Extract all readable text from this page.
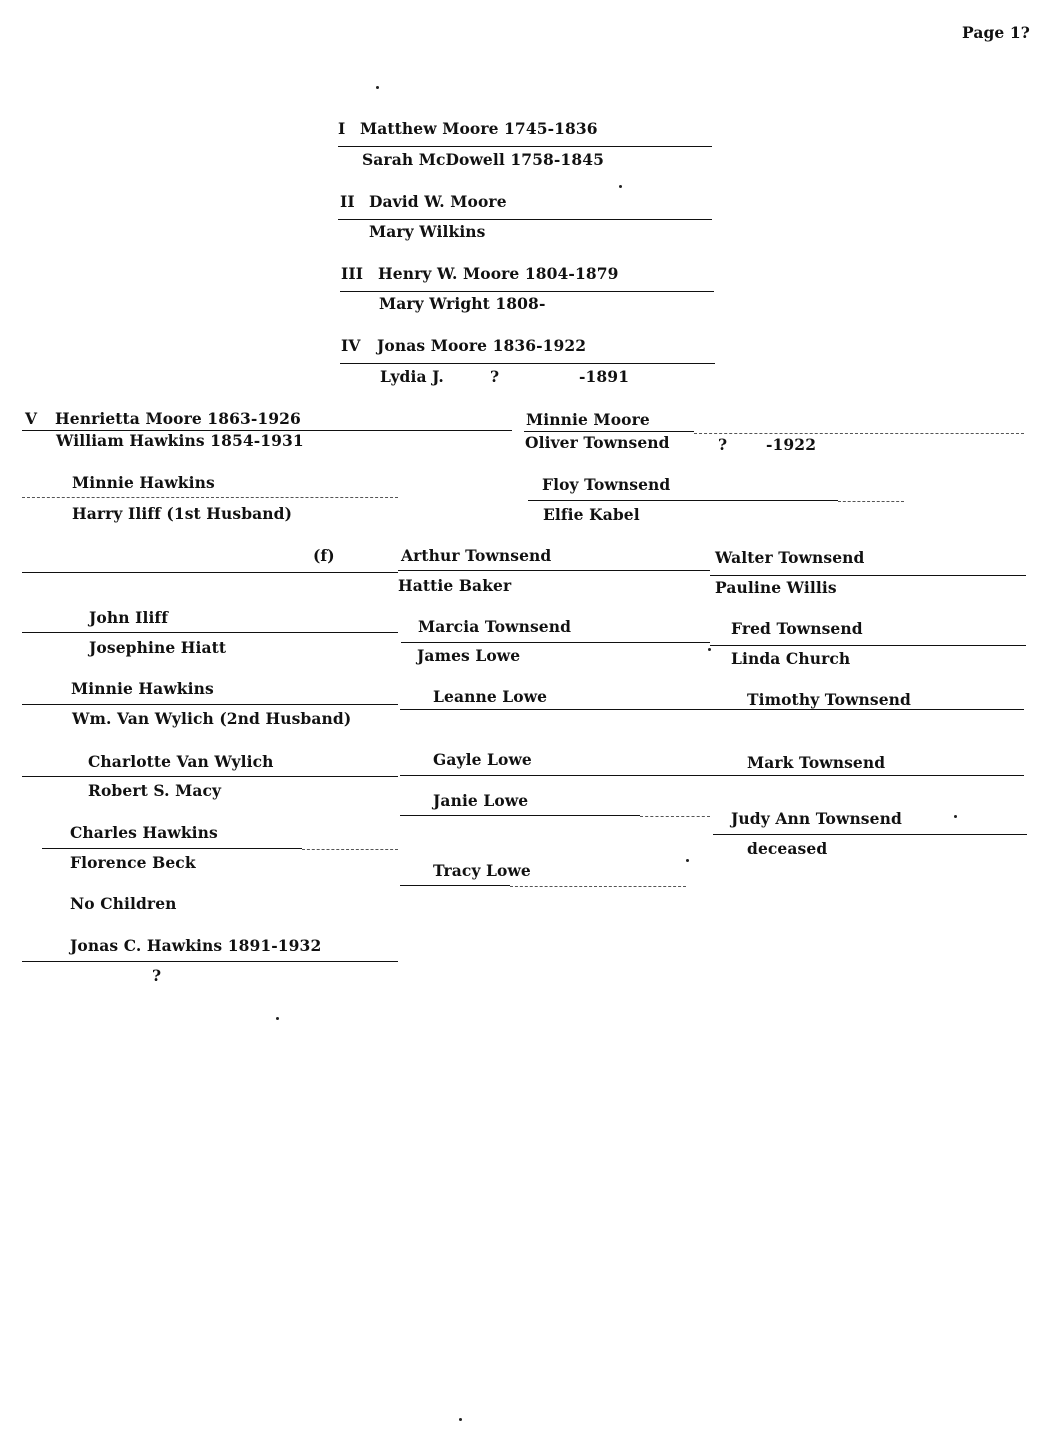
Page 1?
I Matthew Moore 1745-1836
Sarah McDowell 1758-1845
II David W. Moore
Mary Wilkins
III Henry W. Moore 1804-1879
Mary Wright 1808-
IV Jonas Moore 1836-1922
Lydia J.	?	-1891
V Henrietta Moore 1863-1926
William Hawkins 1854-1931
Minnie Moore
Oliver Townsend	?	-1922
Floy Townsend
Elfie Kabel
Minnie Hawkins
Harry Iliff (1st Husband)
(f)
John Iliff
Josephine Hiatt
Minnie Hawkins
Wm. Van Wylich (2nd Husband)
Charlotte Van Wylich
Robert S. Macy
Charles Hawkins
Florence Beck
No Children
Jonas C. Hawkins 1891-1932
?
Arthur Townsend
Hattie Baker
Marcia Townsend
James Lowe
Leanne Lowe
Gayle Lowe
Janie Lowe
Tracy Lowe
Walter Townsend
Pauline Willis
Fred Townsend
Linda Church
Timothy Townsend
Mark Townsend
Judy Ann Townsend
deceased
